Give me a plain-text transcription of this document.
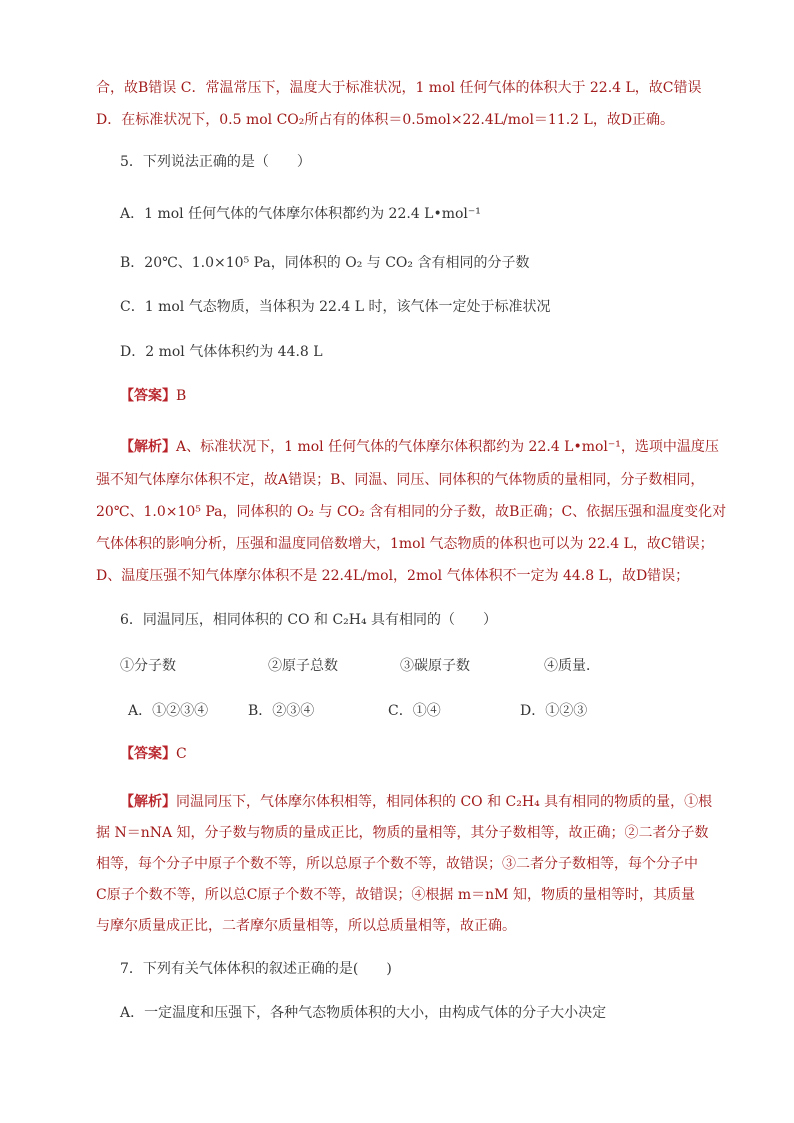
合，故B错误 C．常温常压下，温度大于标准状况，1 mol 任何气体的体积大于 22.4 L，故C错误
D．在标准状况下，0.5 mol CO₂所占有的体积＝0.5mol×22.4L/mol＝11.2 L，故D正确。
5．下列说法正确的是（　　）
A．1 mol 任何气体的气体摩尔体积都约为 22.4 L•mol⁻¹
B．20℃、1.0×10⁵ Pa，同体积的 O₂ 与 CO₂ 含有相同的分子数
C．1 mol 气态物质，当体积为 22.4 L 时，该气体一定处于标准状况
D．2 mol 气体体积约为 44.8 L
【答案】B
【解析】A、标准状况下，1 mol 任何气体的气体摩尔体积都约为 22.4 L•mol⁻¹，选项中温度压
强不知气体摩尔体积不定，故A错误；B、同温、同压、同体积的气体物质的量相同，分子数相同，
20℃、1.0×10⁵ Pa，同体积的 O₂ 与 CO₂ 含有相同的分子数，故B正确；C、依据压强和温度变化对
气体体积的影响分析，压强和温度同倍数增大，1mol 气态物质的体积也可以为 22.4 L，故C错误；
D、温度压强不知气体摩尔体积不是 22.4L/mol，2mol 气体体积不一定为 44.8 L，故D错误；
6．同温同压，相同体积的 CO 和 C₂H₄ 具有相同的（　　）
①分子数	②原子总数	③碳原子数	④质量．
A．①②③④	B．②③④	C．①④	D．①②③
【答案】C
【解析】同温同压下，气体摩尔体积相等，相同体积的 CO 和 C₂H₄ 具有相同的物质的量，①根
据 N＝nNA 知，分子数与物质的量成正比，物质的量相等，其分子数相等，故正确；②二者分子数
相等，每个分子中原子个数不等，所以总原子个数不等，故错误；③二者分子数相等，每个分子中
C原子个数不等，所以总C原子个数不等，故错误；④根据 m＝nM 知，物质的量相等时，其质量
与摩尔质量成正比，二者摩尔质量相等，所以总质量相等，故正确。
7．下列有关气体体积的叙述正确的是(　　)
A．一定温度和压强下，各种气态物质体积的大小，由构成气体的分子大小决定
